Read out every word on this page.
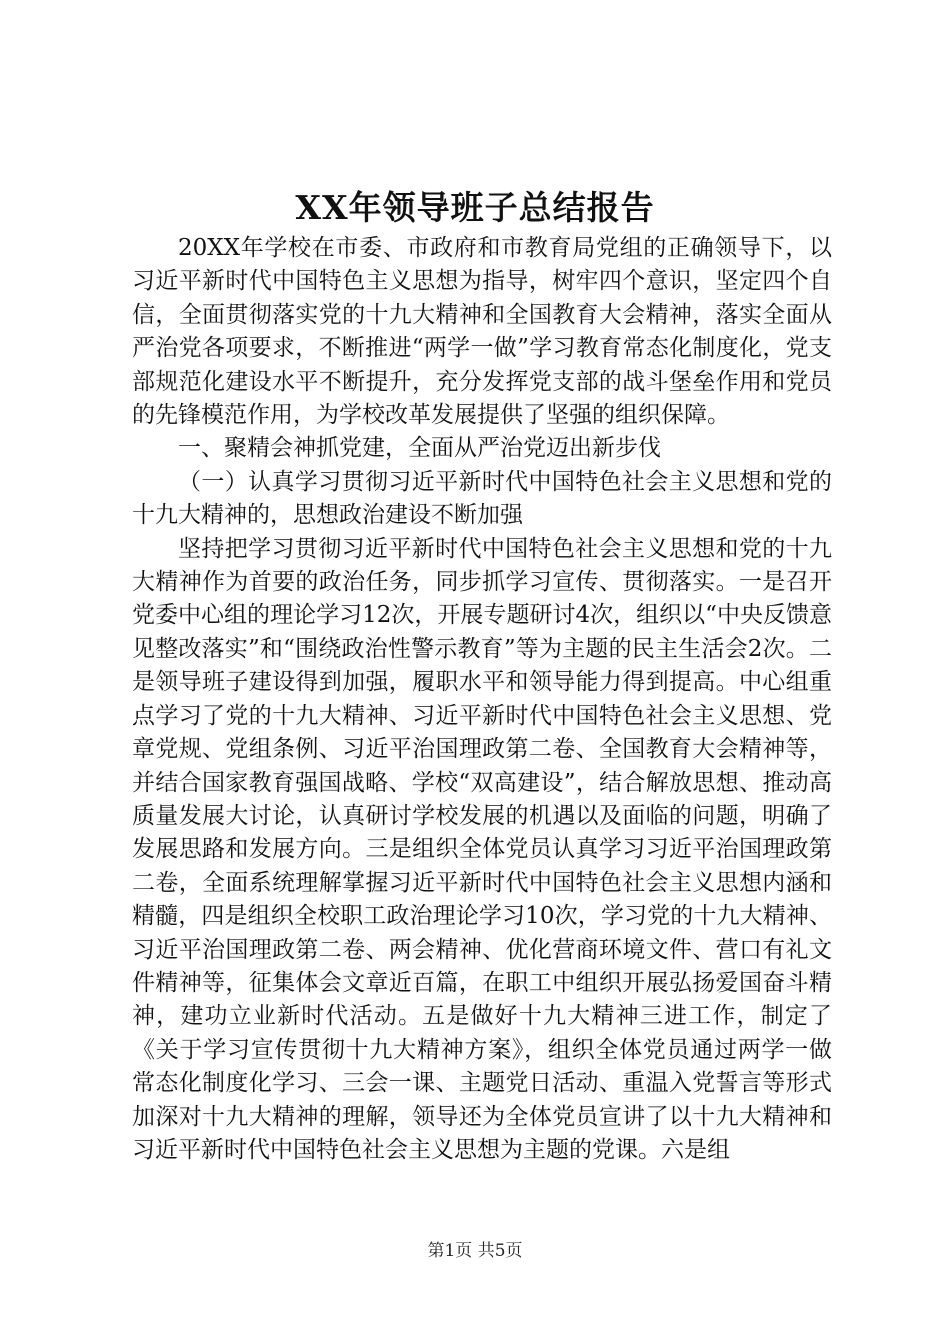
XX年领导班子总结报告

20XX年学校在市委、市政府和市教育局党组的正确领导下，以习近平新时代中国特色主义思想为指导，树牢四个意识，坚定四个自信，全面贯彻落实党的十九大精神和全国教育大会精神，落实全面从严治党各项要求，不断推进“两学一做”学习教育常态化制度化，党支部规范化建设水平不断提升，充分发挥党支部的战斗堡垒作用和党员的先锋模范作用，为学校改革发展提供了坚强的组织保障。

一、聚精会神抓党建，全面从严治党迈出新步伐

（一）认真学习贯彻习近平新时代中国特色社会主义思想和党的十九大精神的，思想政治建设不断加强

坚持把学习贯彻习近平新时代中国特色社会主义思想和党的十九大精神作为首要的政治任务，同步抓学习宣传、贯彻落实。一是召开党委中心组的理论学习12次，开展专题研讨4次，组织以“中央反馈意见整改落实”和“围绕政治性警示教育”等为主题的民主生活会2次。二是领导班子建设得到加强，履职水平和领导能力得到提高。中心组重点学习了党的十九大精神、习近平新时代中国特色社会主义思想、党章党规、党组条例、习近平治国理政第二卷、全国教育大会精神等，并结合国家教育强国战略、学校“双高建设”，结合解放思想、推动高质量发展大讨论，认真研讨学校发展的机遇以及面临的问题，明确了发展思路和发展方向。三是组织全体党员认真学习习近平治国理政第二卷，全面系统理解掌握习近平新时代中国特色社会主义思想内涵和精髓，四是组织全校职工政治理论学习10次，学习党的十九大精神、习近平治国理政第二卷、两会精神、优化营商环境文件、营口有礼文件精神等，征集体会文章近百篇，在职工中组织开展弘扬爱国奋斗精神，建功立业新时代活动。五是做好十九大精神三进工作，制定了《关于学习宣传贯彻十九大精神方案》，组织全体党员通过两学一做常态化制度化学习、三会一课、主题党日活动、重温入党誓言等形式加深对十九大精神的理解，领导还为全体党员宣讲了以十九大精神和习近平新时代中国特色社会主义思想为主题的党课。六是组

第1页 共5页
